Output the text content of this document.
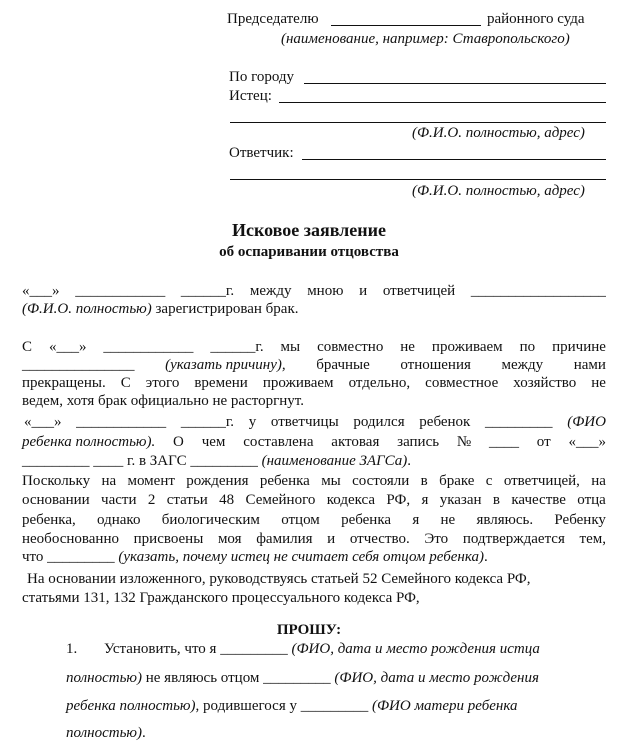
Председателю	районного суда
(наименование, например: Ставропольского)
По городу
Истец:
(Ф.И.О. полностью, адрес)
Ответчик:
(Ф.И.О. полностью, адрес)
Исковое заявление
об оспаривании отцовства
«___» ____________ ______г. между мною и ответчицей __________________
(Ф.И.О. полностью) зарегистрирован брак.
С «___» ____________ ______г. мы совместно не проживаем по причине
_______________ (указать причину), брачные отношения между нами
прекращены. С этого времени проживаем отдельно, совместное хозяйство не
ведем, хотя брак официально не расторгнут.
«___» ____________ ______г. у ответчицы родился ребенок _________ (ФИО
ребенка полностью). О чем составлена актовая запись № ____ от «___»
_________ ____ г. в ЗАГС _________ (наименование ЗАГСа).
Поскольку на момент рождения ребенка мы состояли в браке с ответчицей, на
основании части 2 статьи 48 Семейного кодекса РФ, я указан в качестве отца
ребенка, однако биологическим отцом ребенка я не являюсь. Ребенку
необоснованно присвоены моя фамилия и отчество. Это подтверждается тем,
что _________ (указать, почему истец не считает себя отцом ребенка).
На основании изложенного, руководствуясь статьей 52 Семейного кодекса РФ,
статьями 131, 132 Гражданского процессуального кодекса РФ,
ПРОШУ:
1. Установить, что я _________ (ФИО, дата и место рождения истца
полностью) не являюсь отцом _________ (ФИО, дата и место рождения
ребенка полностью), родившегося у _________ (ФИО матери ребенка
полностью).
